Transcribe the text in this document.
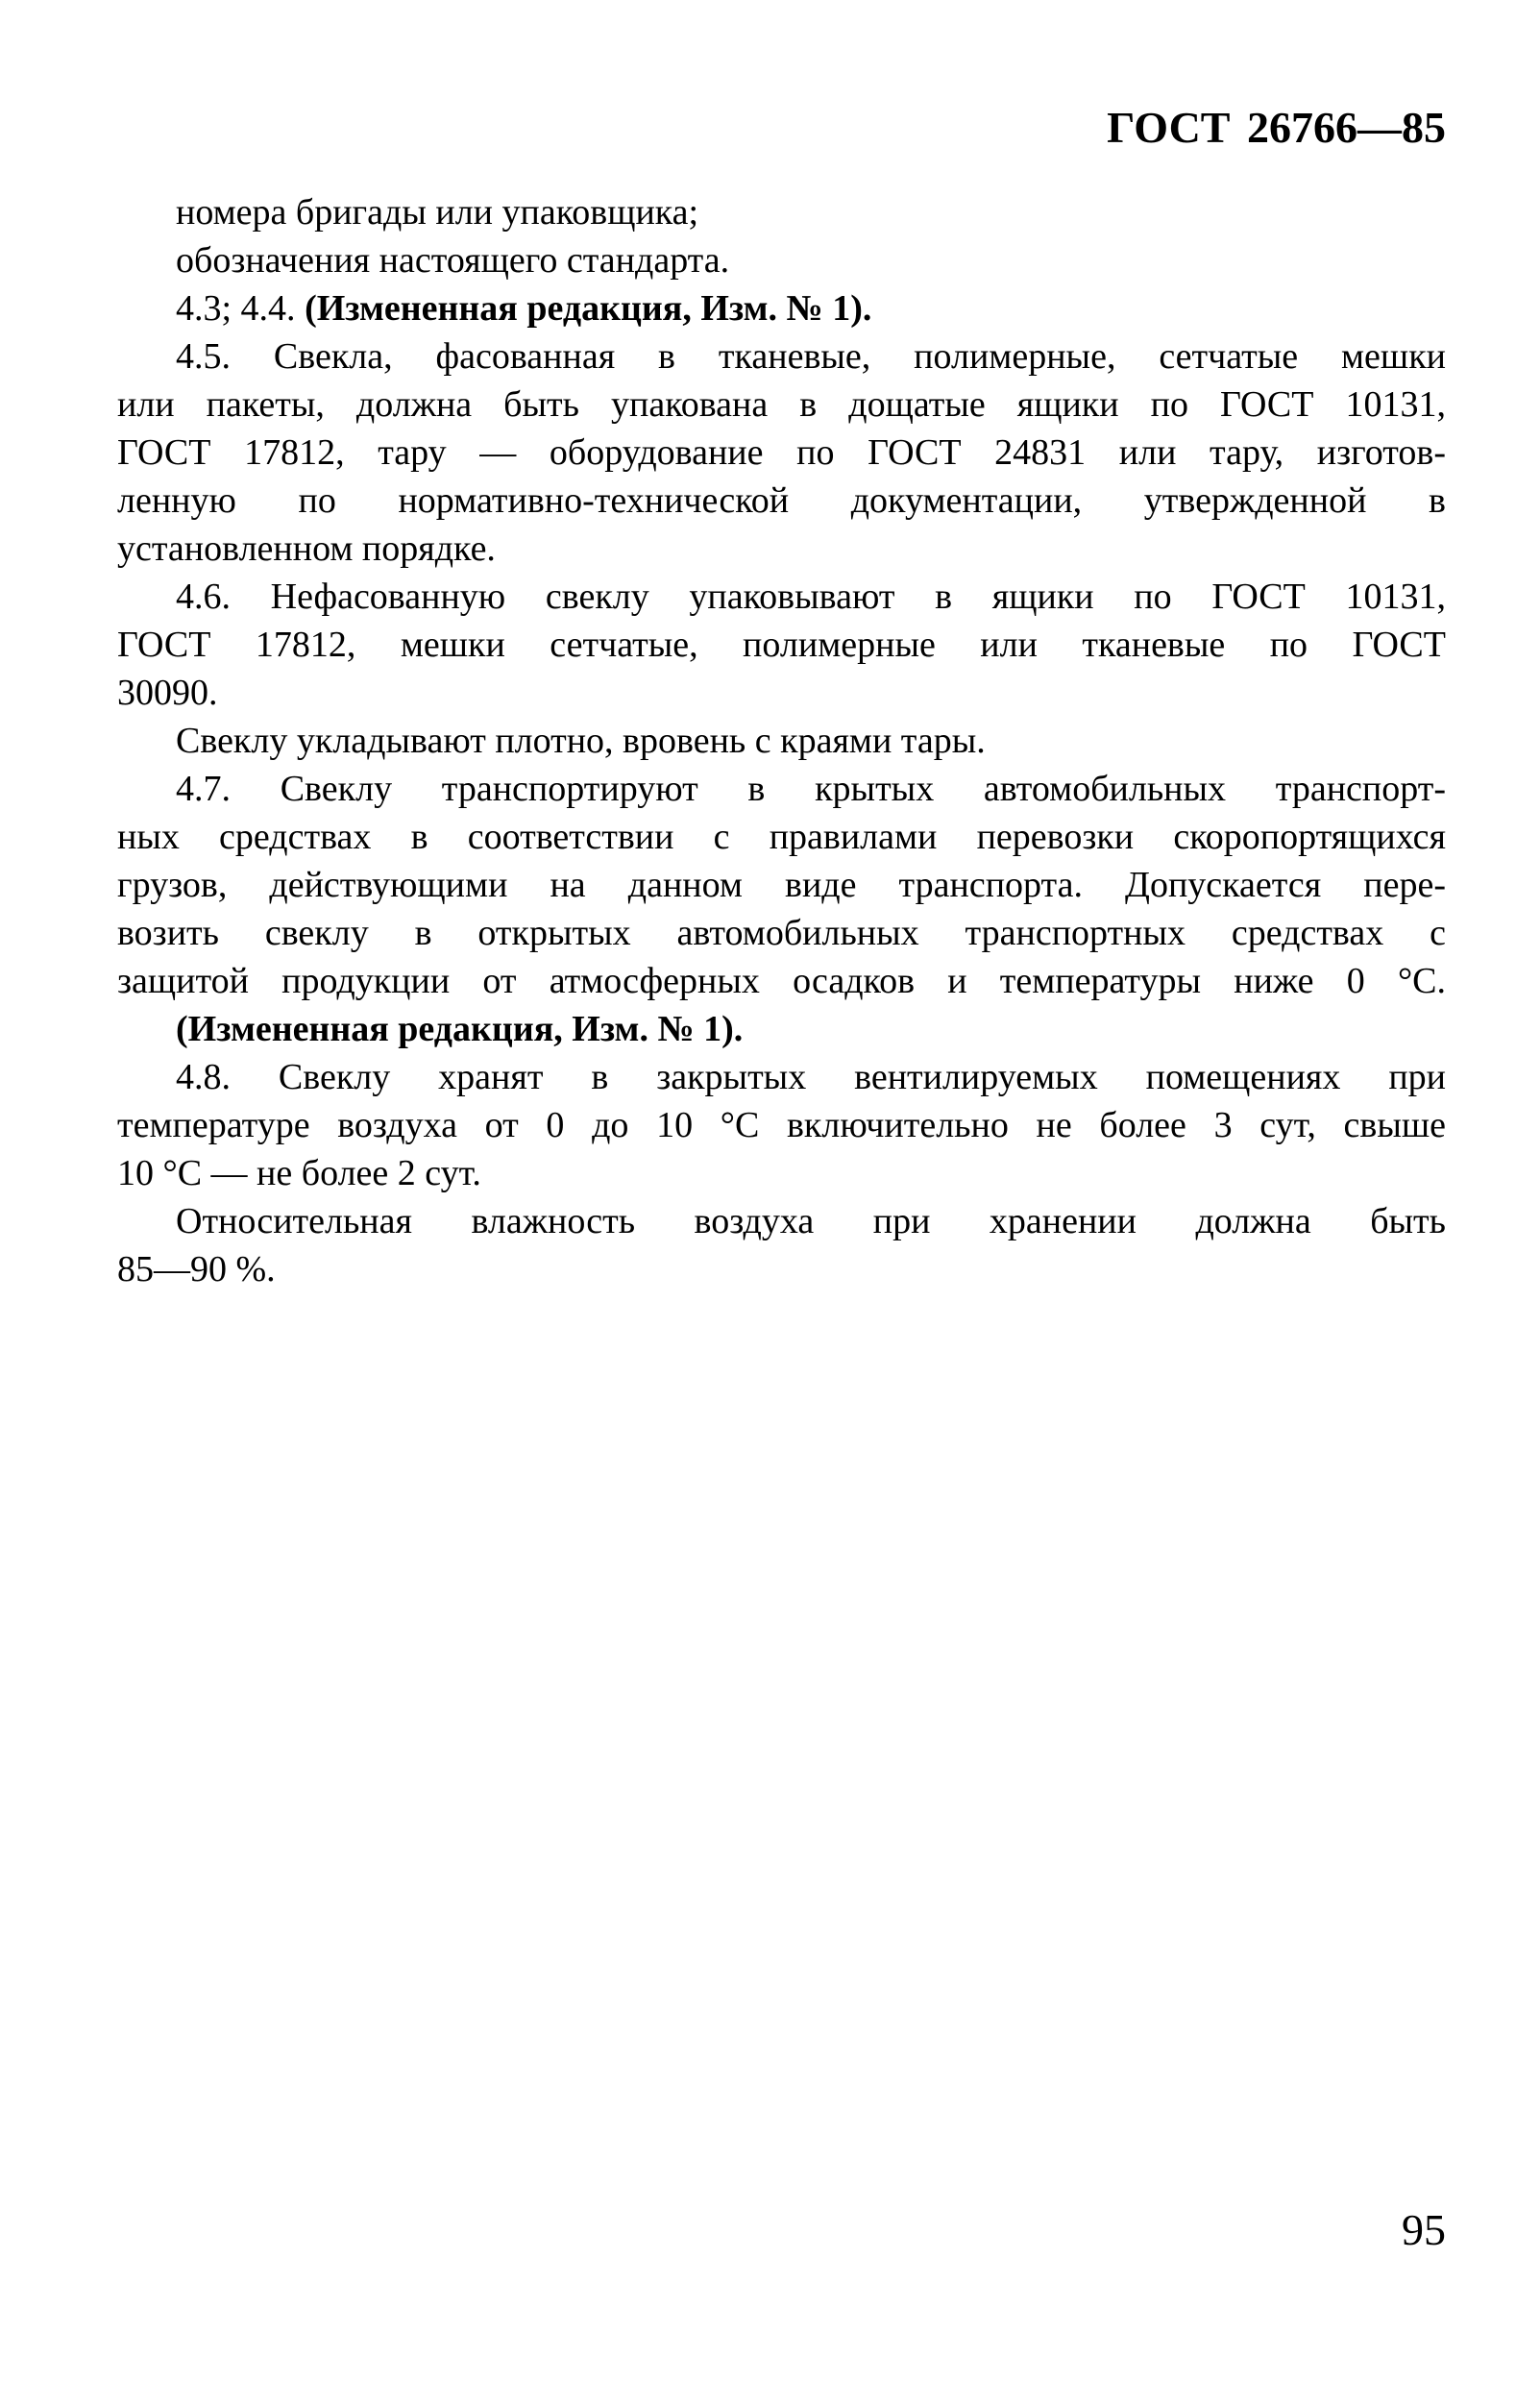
ГОСТ 26766—85
номера бригады или упаковщика;
обозначения настоящего стандарта.
4.3; 4.4. (Измененная редакция, Изм. № 1).
4.5. Свекла, фасованная в тканевые, полимерные, сетчатые мешки
или пакеты, должна быть упакована в дощатые ящики по ГОСТ 10131,
ГОСТ 17812, тару — оборудование по ГОСТ 24831 или тару, изготов-
ленную по нормативно-технической документации, утвержденной в
установленном порядке.
4.6. Нефасованную свеклу упаковывают в ящики по ГОСТ 10131,
ГОСТ 17812, мешки сетчатые, полимерные или тканевые по ГОСТ
30090.
Свеклу укладывают плотно, вровень с краями тары.
4.7. Свеклу транспортируют в крытых автомобильных транспорт-
ных средствах в соответствии с правилами перевозки скоропортящихся
грузов, действующими на данном виде транспорта. Допускается пере-
возить свеклу в открытых автомобильных транспортных средствах с
защитой продукции от атмосферных осадков и температуры ниже 0 °С.
(Измененная редакция, Изм. № 1).
4.8. Свеклу хранят в закрытых вентилируемых помещениях при
температуре воздуха от 0 до 10 °С включительно не более 3 сут, свыше
10 °С — не более 2 сут.
Относительная влажность воздуха при хранении должна быть
85—90 %.
95
